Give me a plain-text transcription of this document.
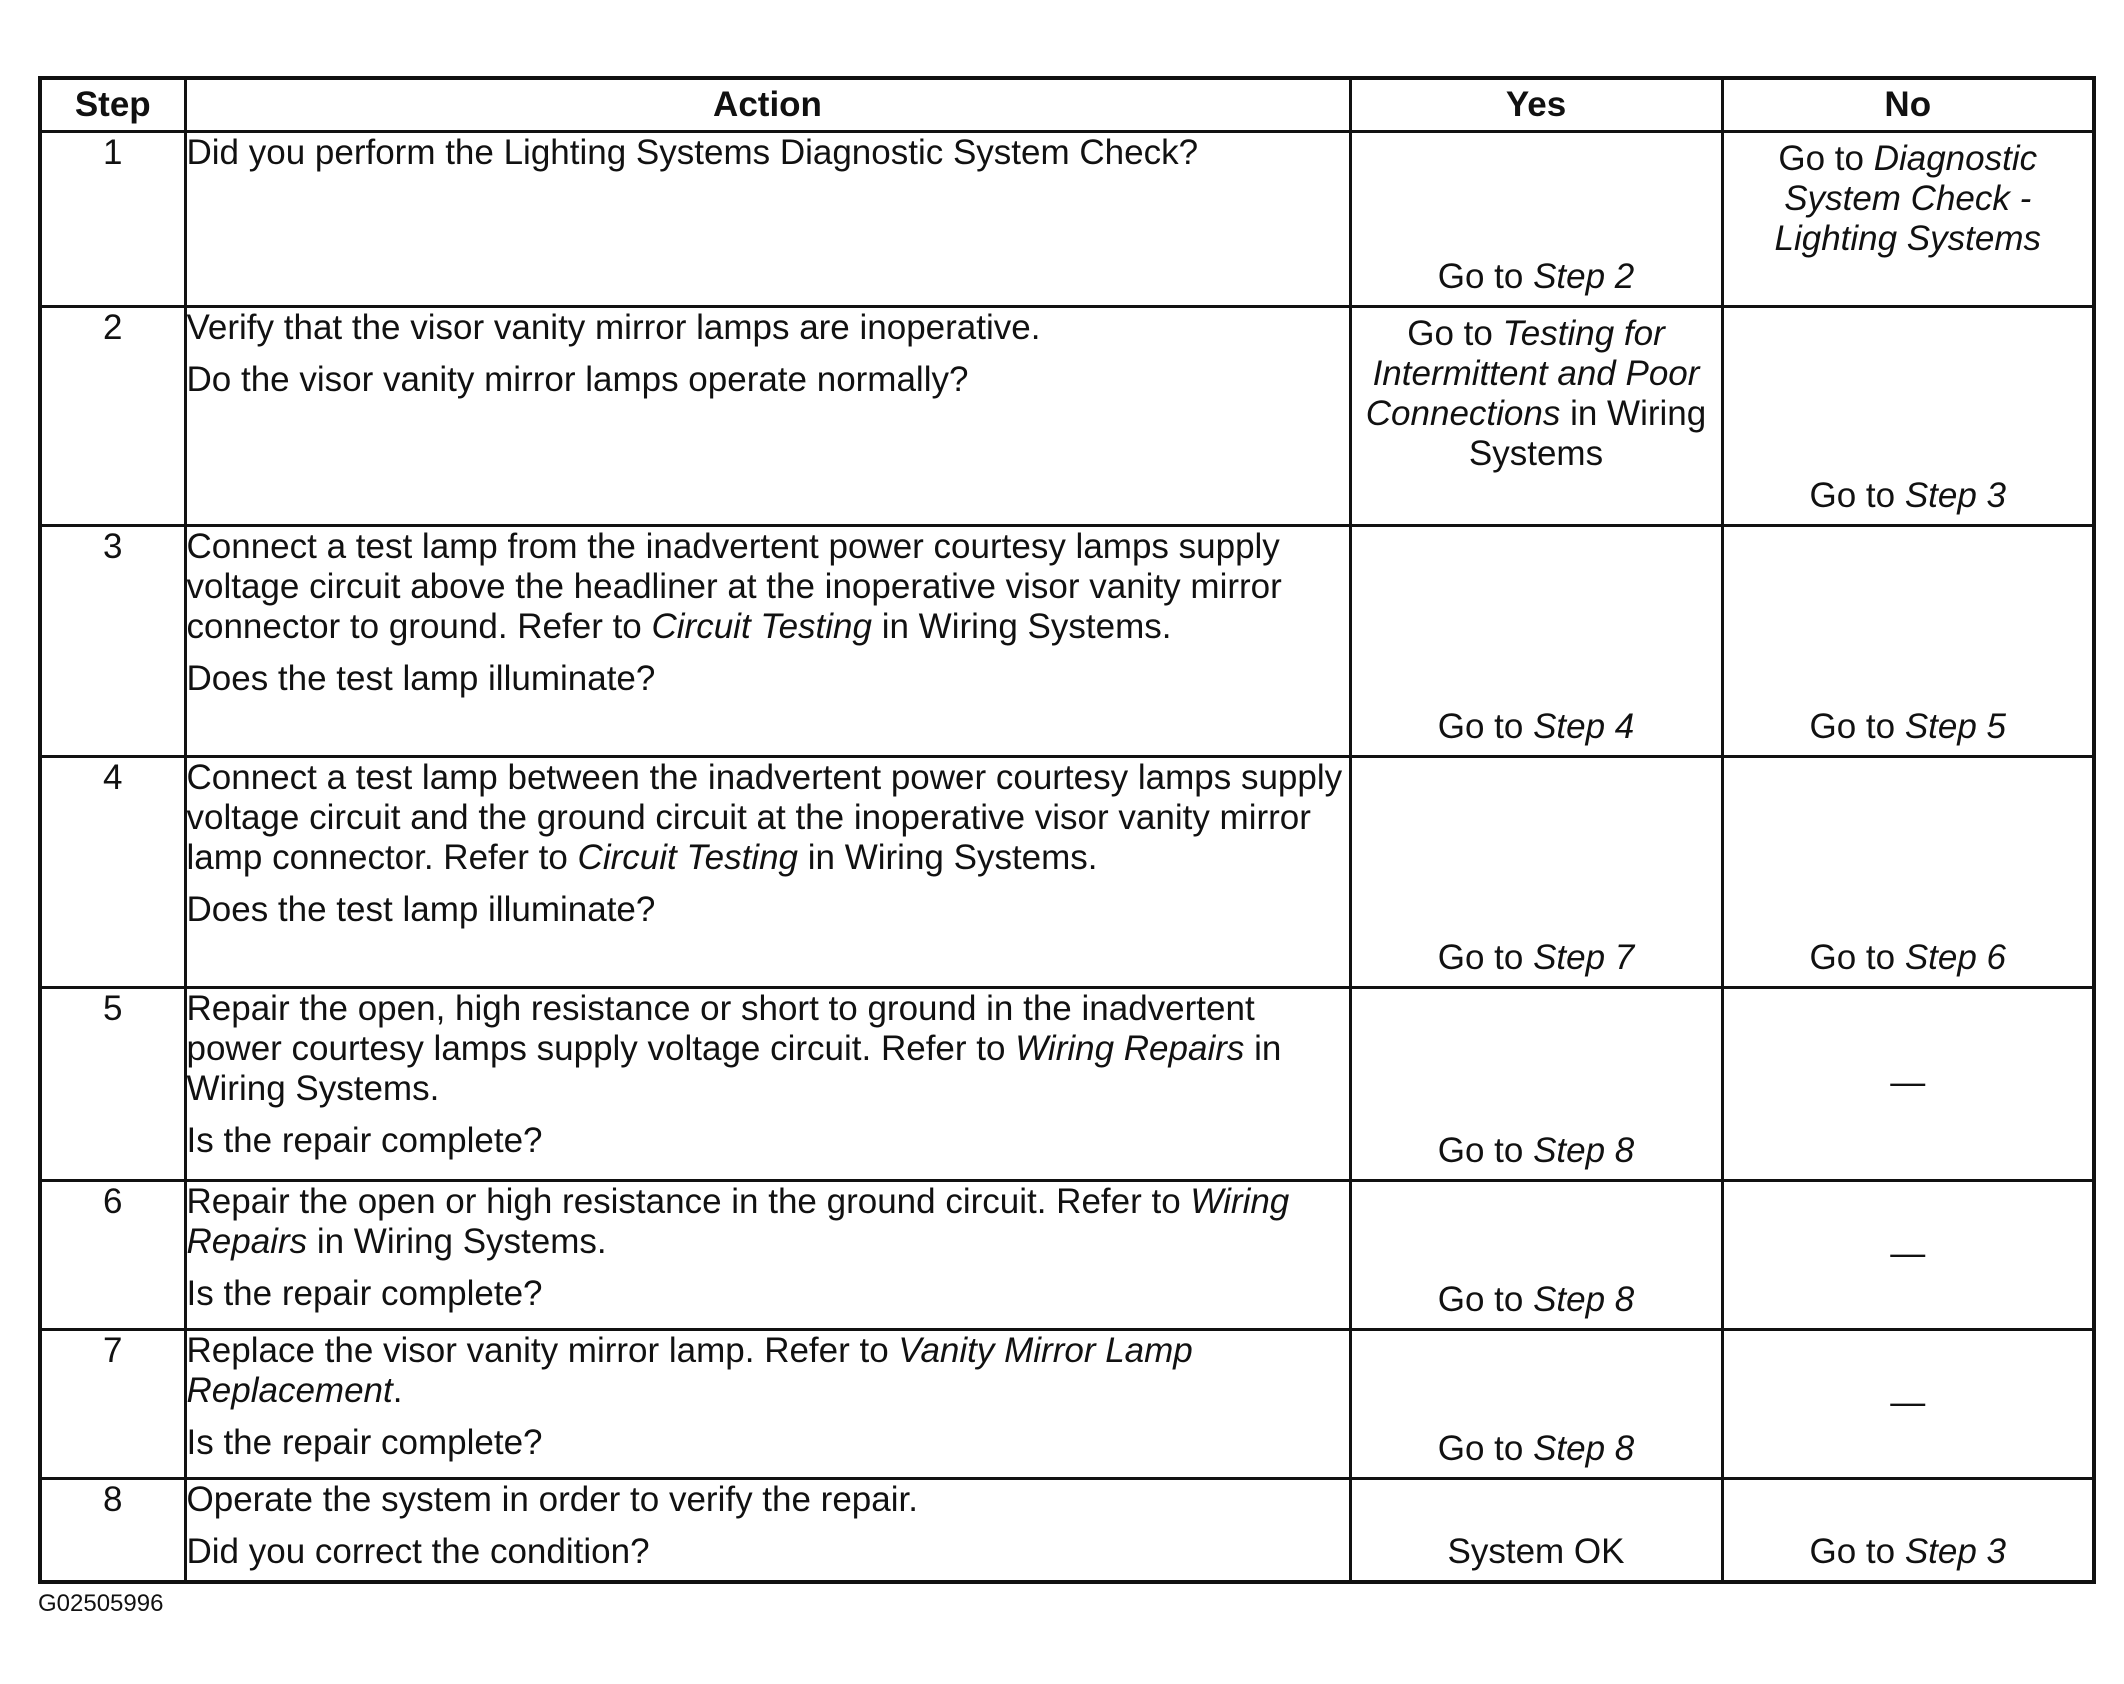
Step	Action	Yes	No
1	Did you perform the Lighting Systems Diagnostic System Check?	Go to Step 2	Go to Diagnostic System Check - Lighting Systems

2	Verify that the visor vanity mirror lamps are inoperative.

Do the visor vanity mirror lamps operate normally?	Go to Testing for Intermittent and Poor Connections in Wiring Systems	Go to Step 3

3	Connect a test lamp from the inadvertent power courtesy lamps supply voltage circuit above the headliner at the inoperative visor vanity mirror connector to ground. Refer to Circuit Testing in Wiring Systems.

Does the test lamp illuminate?	Go to Step 4	Go to Step 5

4	Connect a test lamp between the inadvertent power courtesy lamps supply voltage circuit and the ground circuit at the inoperative visor vanity mirror lamp connector. Refer to Circuit Testing in Wiring Systems.

Does the test lamp illuminate?	Go to Step 7	Go to Step 6

5	Repair the open, high resistance or short to ground in the inadvertent power courtesy lamps supply voltage circuit. Refer to Wiring Repairs in Wiring Systems.

Is the repair complete?	Go to Step 8	—

6	Repair the open or high resistance in the ground circuit. Refer to Wiring Repairs in Wiring Systems.

Is the repair complete?	Go to Step 8	—

7	Replace the visor vanity mirror lamp. Refer to Vanity Mirror Lamp Replacement.

Is the repair complete?	Go to Step 8	—

8	Operate the system in order to verify the repair.

Did you correct the condition?	System OK	Go to Step 3
G02505996
